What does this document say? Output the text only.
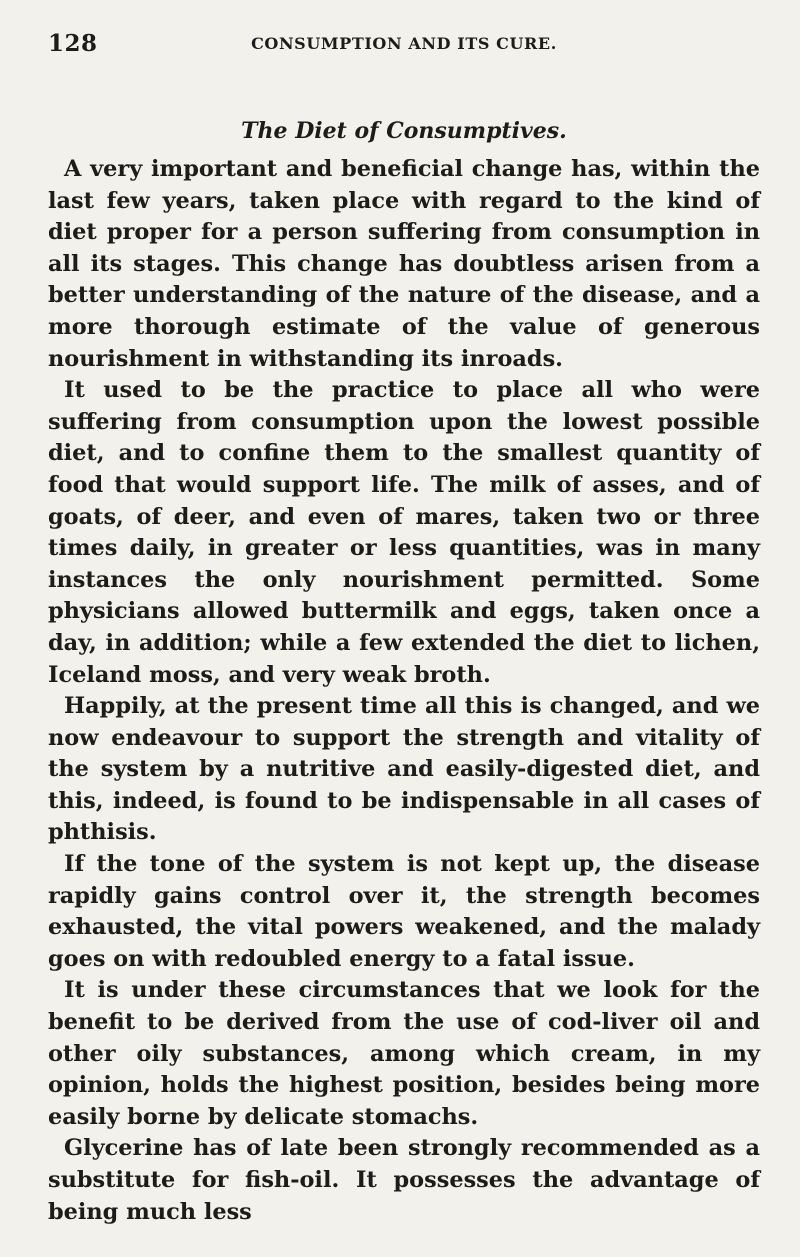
128	CONSUMPTION AND ITS CURE.
The Diet of Consumptives.

A very important and beneficial change has, within the last few years, taken place with regard to the kind of diet proper for a person suffering from consumption in all its stages. This change has doubtless arisen from a better understanding of the nature of the disease, and a more thorough estimate of the value of generous nourishment in withstanding its inroads.

It used to be the practice to place all who were suffering from consumption upon the lowest possible diet, and to confine them to the smallest quantity of food that would support life. The milk of asses, and of goats, of deer, and even of mares, taken two or three times daily, in greater or less quantities, was in many instances the only nourishment permitted. Some physicians allowed buttermilk and eggs, taken once a day, in addition; while a few extended the diet to lichen, Iceland moss, and very weak broth.

Happily, at the present time all this is changed, and we now endeavour to support the strength and vitality of the system by a nutritive and easily-digested diet, and this, indeed, is found to be indispensable in all cases of phthisis.

If the tone of the system is not kept up, the disease rapidly gains control over it, the strength becomes exhausted, the vital powers weakened, and the malady goes on with redoubled energy to a fatal issue.

It is under these circumstances that we look for the benefit to be derived from the use of cod-liver oil and other oily substances, among which cream, in my opinion, holds the highest position, besides being more easily borne by delicate stomachs.

Glycerine has of late been strongly recommended as a substitute for fish-oil. It possesses the advantage of being much less
